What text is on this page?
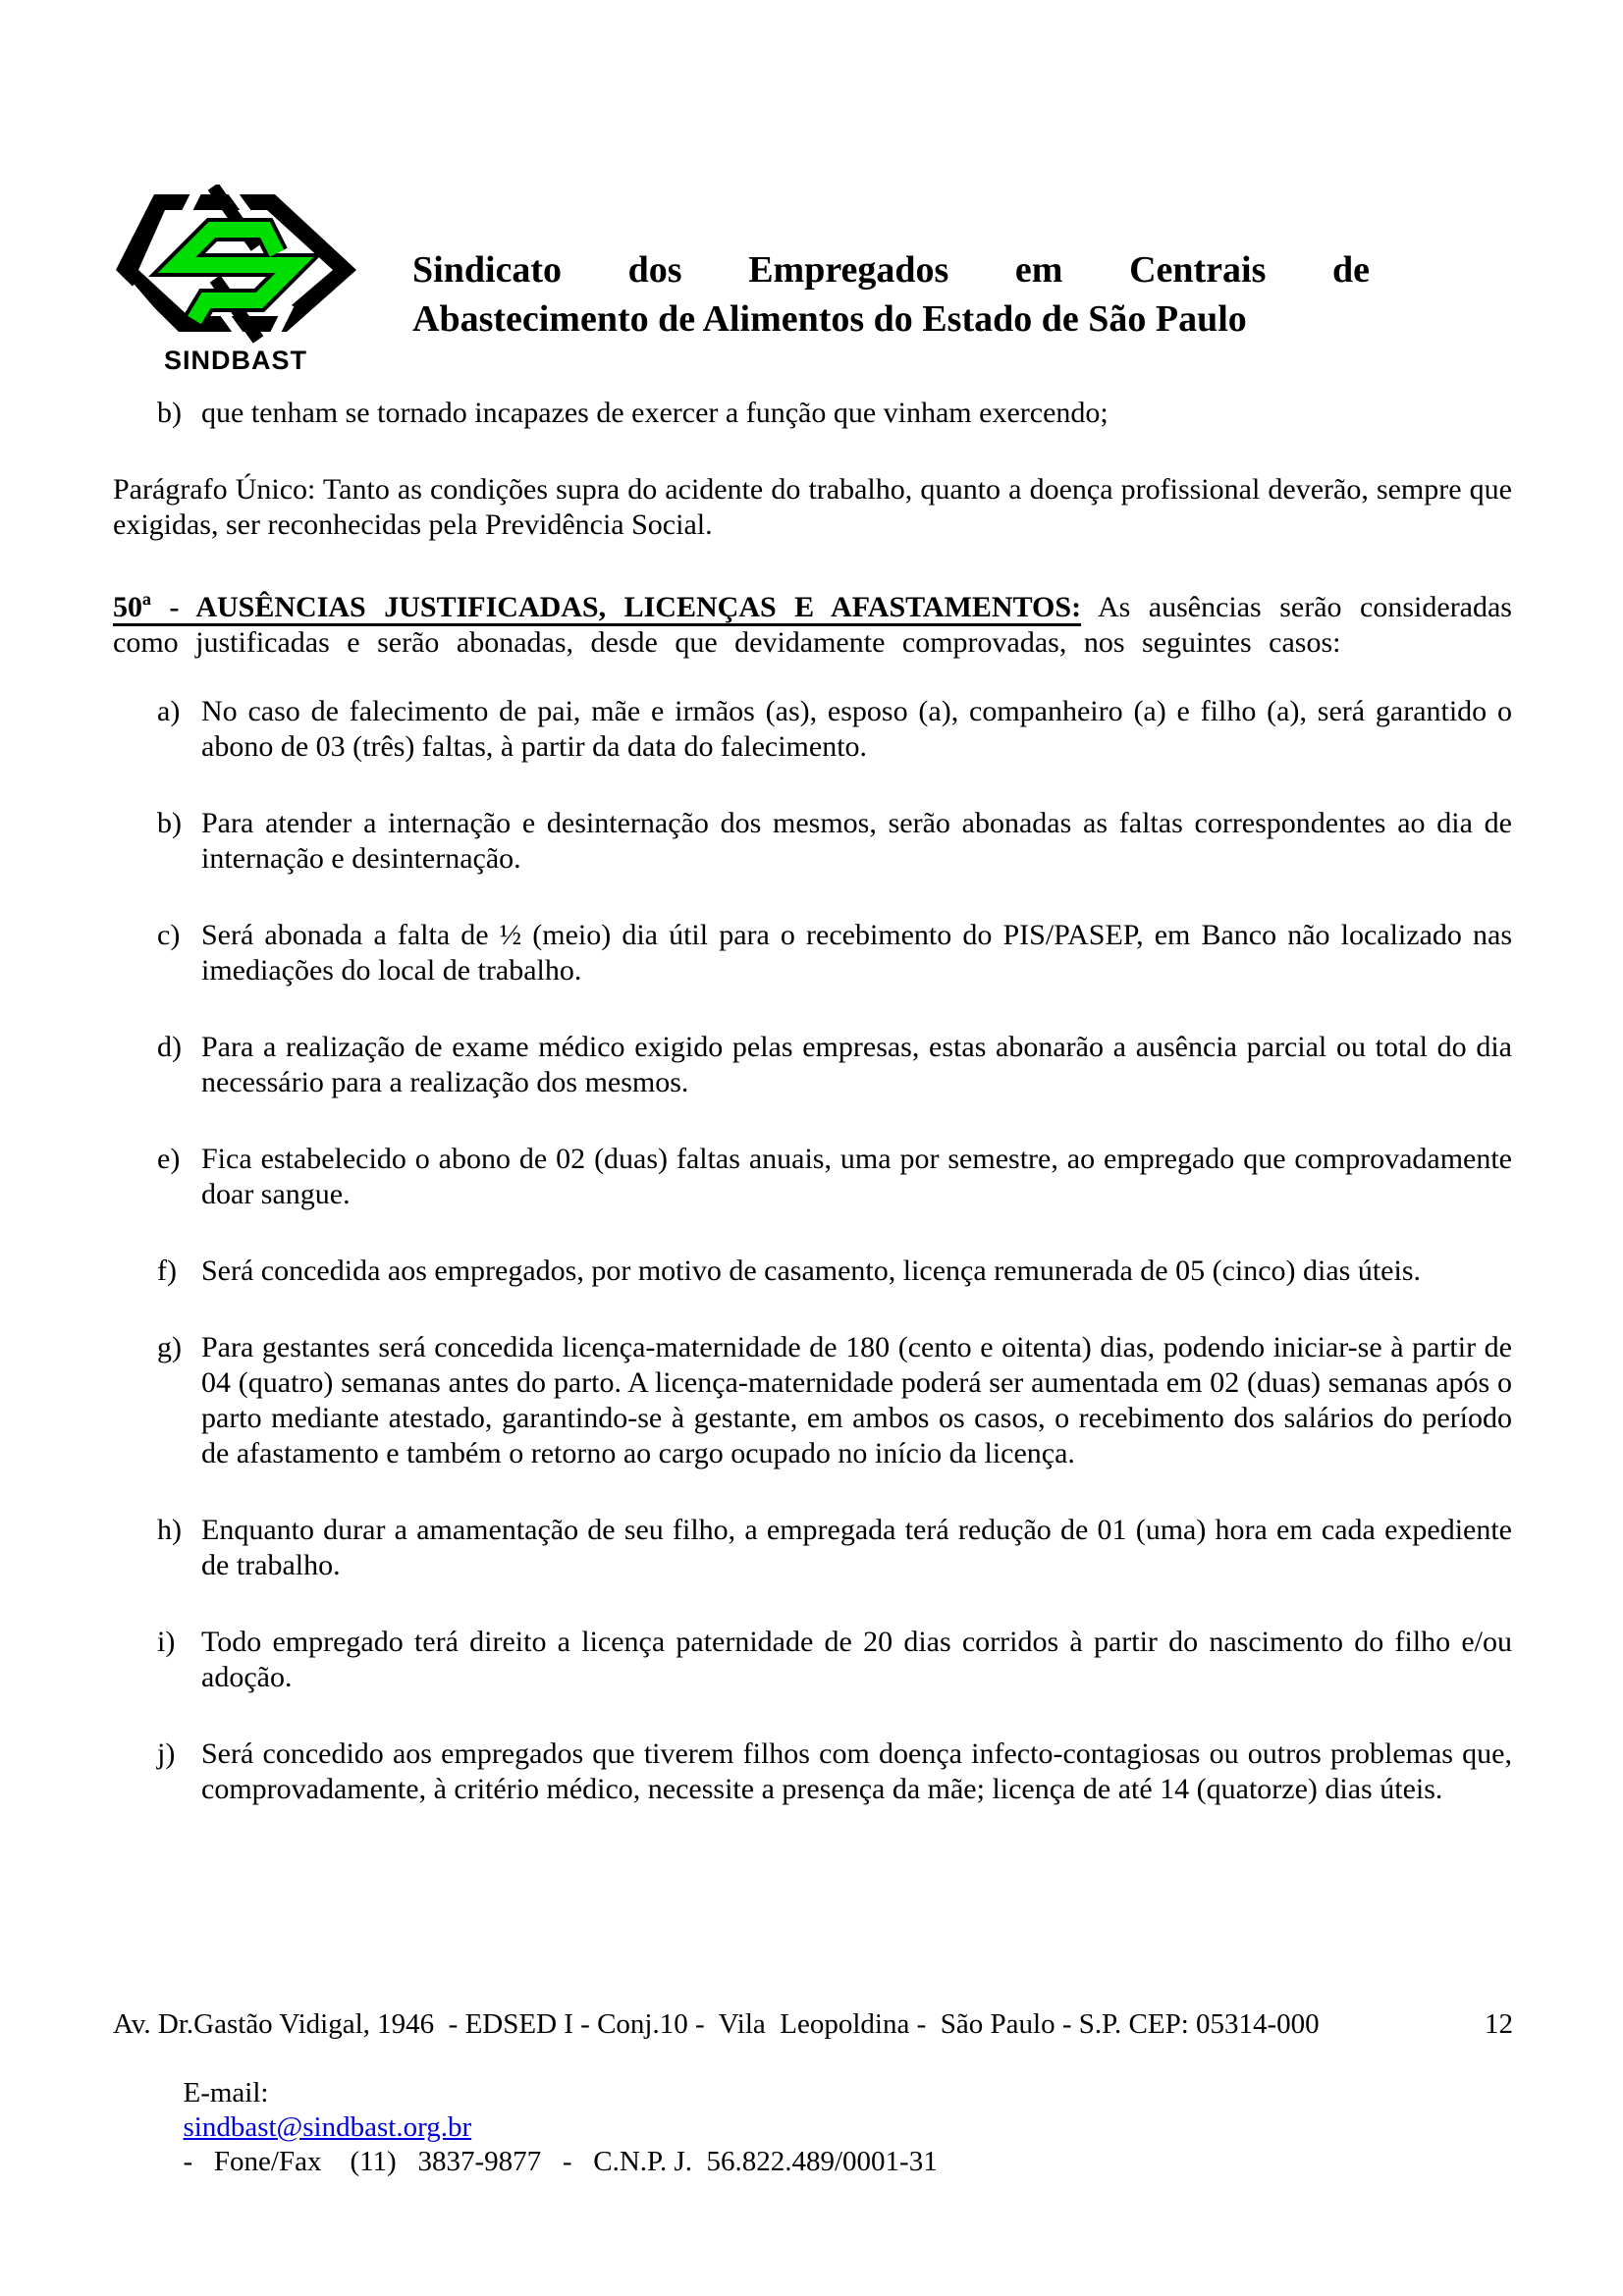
SINDBAST
Sindicato dos Empregados em Centrais de
Abastecimento de Alimentos do Estado de São Paulo
b) que tenham se tornado incapazes de exercer a função que vinham exercendo;

Parágrafo Único: Tanto as condições supra do acidente do trabalho, quanto a doença profissional deverão, sempre que exigidas, ser reconhecidas pela Previdência Social.

50ª - AUSÊNCIAS JUSTIFICADAS, LICENÇAS E AFASTAMENTOS: As ausências serão consideradas como justificadas e serão abonadas, desde que devidamente comprovadas, nos seguintes casos:

a) No caso de falecimento de pai, mãe e irmãos (as), esposo (a), companheiro (a) e filho (a), será garantido o abono de 03 (três) faltas, à partir da data do falecimento.
b) Para atender a internação e desinternação dos mesmos, serão abonadas as faltas correspondentes ao dia de internação e desinternação.
c) Será abonada a falta de ½ (meio) dia útil para o recebimento do PIS/PASEP, em Banco não localizado nas imediações do local de trabalho.
d) Para a realização de exame médico exigido pelas empresas, estas abonarão a ausência parcial ou total do dia necessário para a realização dos mesmos.
e) Fica estabelecido o abono de 02 (duas) faltas anuais, uma por semestre, ao empregado que comprovadamente doar sangue.
f) Será concedida aos empregados, por motivo de casamento, licença remunerada de 05 (cinco) dias úteis.
g) Para gestantes será concedida licença-maternidade de 180 (cento e oitenta) dias, podendo iniciar-se à partir de 04 (quatro) semanas antes do parto. A licença-maternidade poderá ser aumentada em 02 (duas) semanas após o parto mediante atestado, garantindo-se à gestante, em ambos os casos, o recebimento dos salários do período de afastamento e também o retorno ao cargo ocupado no início da licença.
h) Enquanto durar a amamentação de seu filho, a empregada terá redução de 01 (uma) hora em cada expediente de trabalho.
i) Todo empregado terá direito a licença paternidade de 20 dias corridos à partir do nascimento do filho e/ou adoção.
j) Será concedido aos empregados que tiverem filhos com doença infecto-contagiosas ou outros problemas que, comprovadamente, à critério médico, necessite a presença da mãe; licença de até 14 (quatorze) dias úteis.
Av. Dr.Gastão Vidigal, 1946  - EDSED I - Conj.10 -  Vila  Leopoldina -  São Paulo - S.P. CEP: 05314-000	12

E-mail:
sindbast@sindbast.org.br
-   Fone/Fax    (11)   3837-9877   -   C.N.P. J.  56.822.489/0001-31
